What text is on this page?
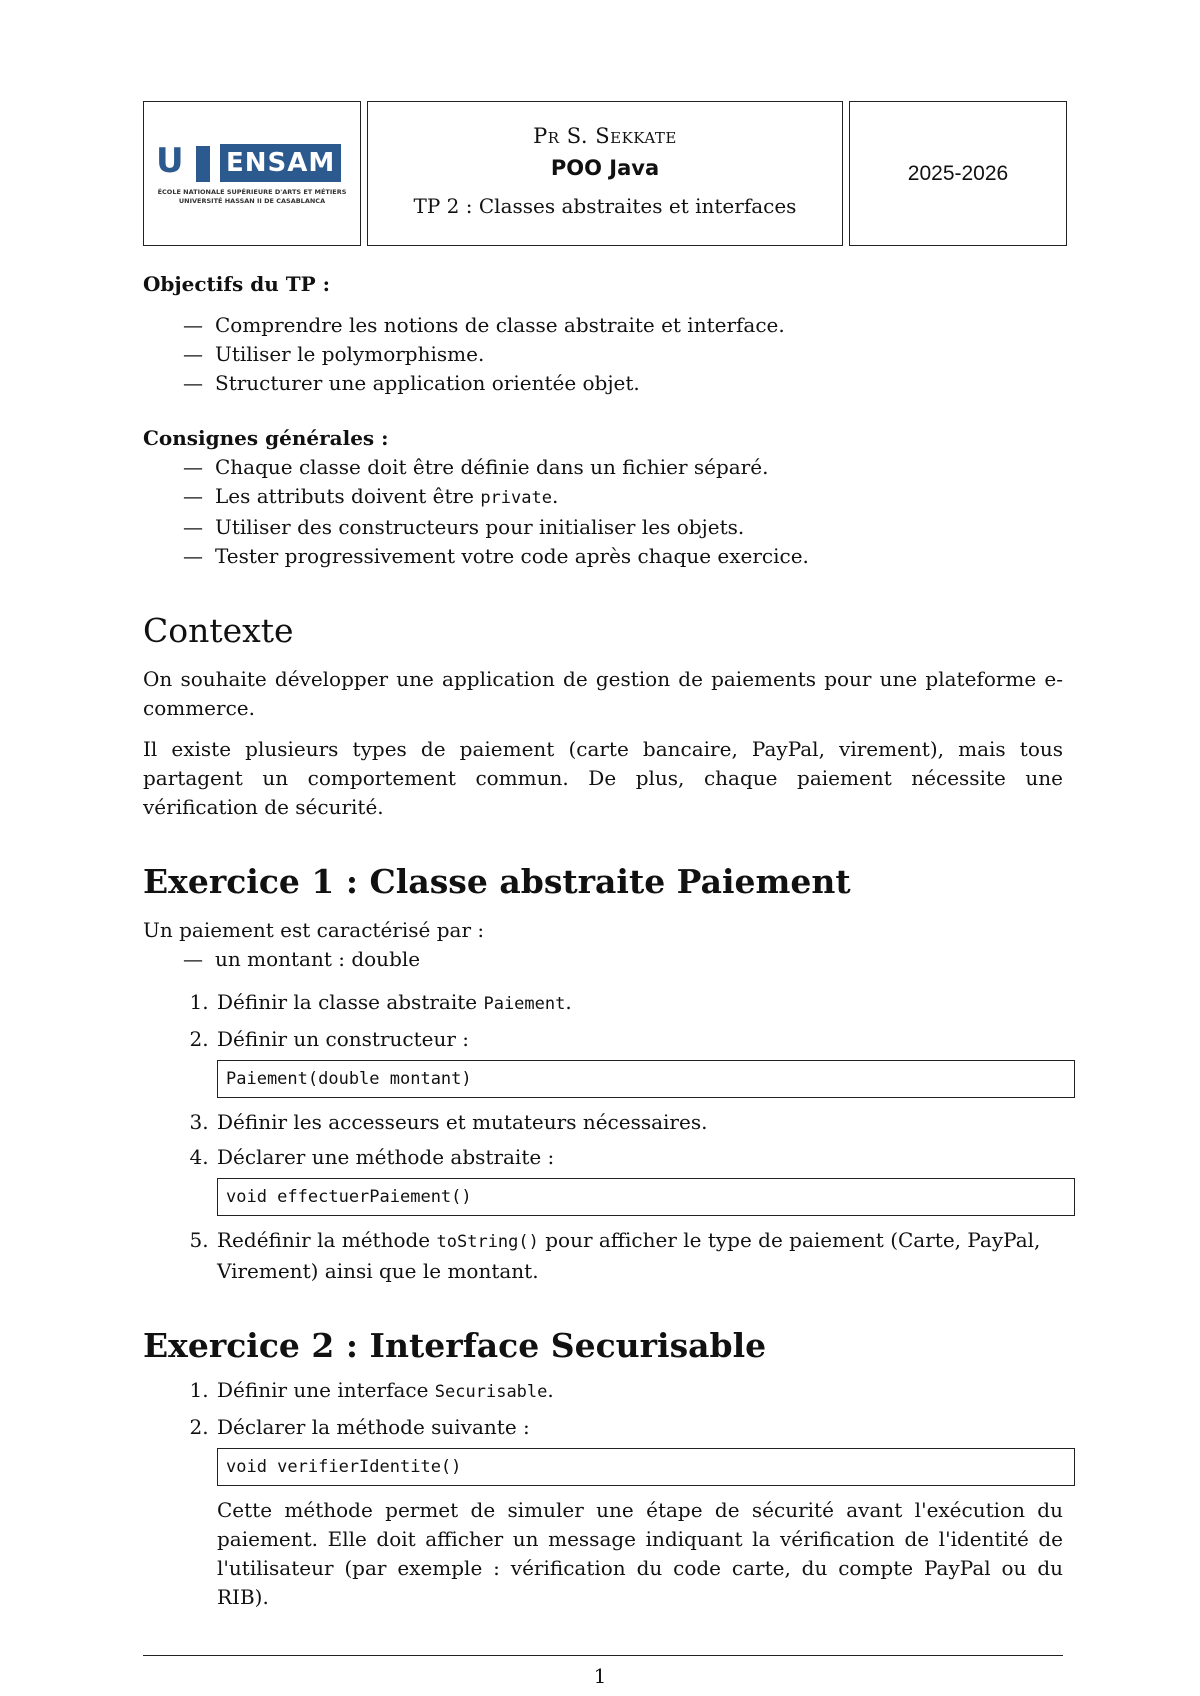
U ENSAM
ÉCOLE NATIONALE SUPÉRIEURE D'ARTS ET MÉTIERS
UNIVERSITÉ HASSAN II DE CASABLANCA
Pr S. Sekkate
POO Java
TP 2 : Classes abstraites et interfaces
2025-2026
Objectifs du TP :
— Comprendre les notions de classe abstraite et interface.
— Utiliser le polymorphisme.
— Structurer une application orientée objet.
Consignes générales :
— Chaque classe doit être définie dans un fichier séparé.
— Les attributs doivent être private.
— Utiliser des constructeurs pour initialiser les objets.
— Tester progressivement votre code après chaque exercice.
Contexte

On souhaite développer une application de gestion de paiements pour une plateforme e-commerce.

Il existe plusieurs types de paiement (carte bancaire, PayPal, virement), mais tous partagent un comportement commun. De plus, chaque paiement nécessite une vérification de sécurité.

Exercice 1 : Classe abstraite Paiement

Un paiement est caractérisé par :

— un montant : double
1. Définir la classe abstraite Paiement.
2. Définir un constructeur :
Paiement(double montant)
3. Définir les accesseurs et mutateurs nécessaires.
4. Déclarer une méthode abstraite :
void effectuerPaiement()
5. Redéfinir la méthode toString() pour afficher le type de paiement (Carte, PayPal, Virement) ainsi que le montant.
Exercice 2 : Interface Securisable
1. Définir une interface Securisable.
2. Déclarer la méthode suivante :
void verifierIdentite()

Cette méthode permet de simuler une étape de sécurité avant l'exécution du paiement. Elle doit afficher un message indiquant la vérification de l'identité de l'utilisateur (par exemple : vérification du code carte, du compte PayPal ou du RIB).

1
